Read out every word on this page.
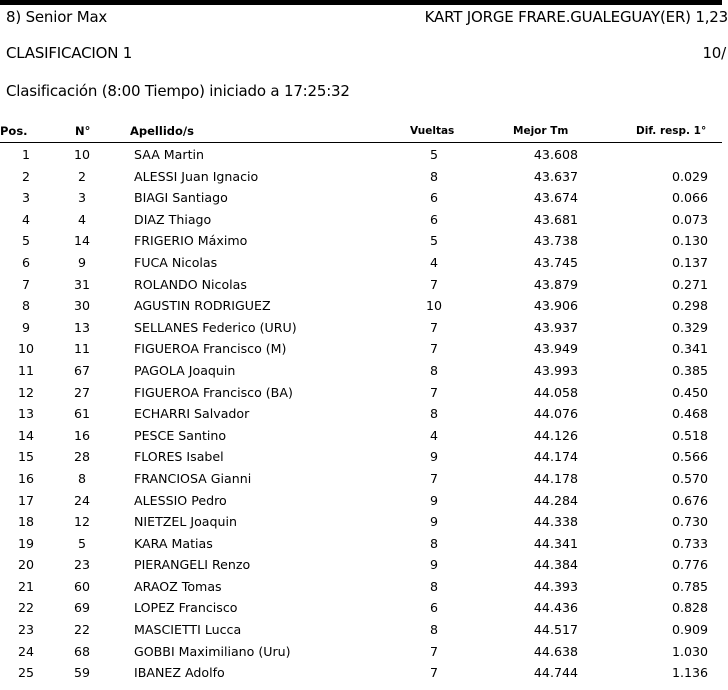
8) Senior Max	KART JORGE FRARE.GUALEGUAY(ER) 1,23
CLASIFICACION 1	10/
Clasificación (8:00 Tiempo) iniciado a 17:25:32
Pos.	N°	Apellido/s	Vueltas	Mejor Tm	Dif. resp. 1°
1	10	SAA Martin	5	43.608
2	2	ALESSI Juan Ignacio	8	43.637	0.029
3	3	BIAGI Santiago	6	43.674	0.066
4	4	DIAZ Thiago	6	43.681	0.073
5	14	FRIGERIO Máximo	5	43.738	0.130
6	9	FUCA Nicolas	4	43.745	0.137
7	31	ROLANDO Nicolas	7	43.879	0.271
8	30	AGUSTIN RODRIGUEZ	10	43.906	0.298
9	13	SELLANES Federico (URU)	7	43.937	0.329
10	11	FIGUEROA Francisco (M)	7	43.949	0.341
11	67	PAGOLA Joaquin	8	43.993	0.385
12	27	FIGUEROA Francisco (BA)	7	44.058	0.450
13	61	ECHARRI Salvador	8	44.076	0.468
14	16	PESCE Santino	4	44.126	0.518
15	28	FLORES Isabel	9	44.174	0.566
16	8	FRANCIOSA Gianni	7	44.178	0.570
17	24	ALESSIO Pedro	9	44.284	0.676
18	12	NIETZEL Joaquin	9	44.338	0.730
19	5	KARA Matias	8	44.341	0.733
20	23	PIERANGELI Renzo	9	44.384	0.776
21	60	ARAOZ Tomas	8	44.393	0.785
22	69	LOPEZ Francisco	6	44.436	0.828
23	22	MASCIETTI Lucca	8	44.517	0.909
24	68	GOBBI Maximiliano (Uru)	7	44.638	1.030
25	59	IBANEZ Adolfo	7	44.744	1.136
